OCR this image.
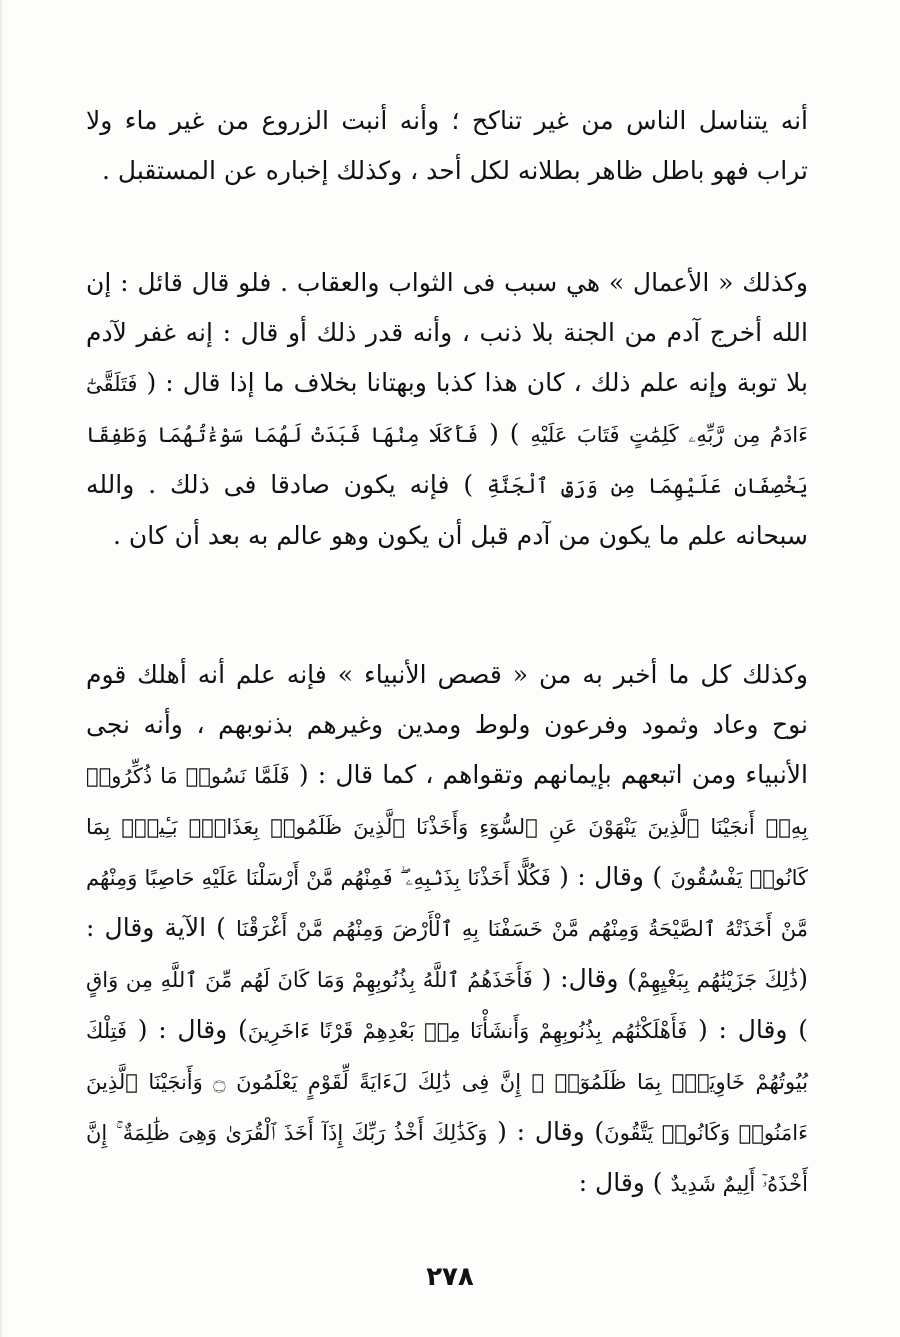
أنه يتناسل الناس من غير تناكح ؛ وأنه أنبت الزروع من غير ماء ولا تراب فهو باطل ظاهر بطلانه لكل أحد ، وكذلك إخباره عن المستقبل .

وكذلك « الأعمال » هي سبب فى الثواب والعقاب . فلو قال قائل : إن الله أخرج آدم من الجنة بلا ذنب ، وأنه قدر ذلك أو قال : إنه غفر لآدم بلا توبة وإنه علم ذلك ، كان هذا كذبا وبهتانا بخلاف ما إذا قال : ( فَتَلَقَّىٰٓ ءَادَمُ مِن رَّبِّهِۦ كَلِمَٰتٍ فَتَابَ عَلَيْهِ ) ( فَأَكَلَا مِنْهَا فَبَدَتْ لَهُمَا سَوْءَٰتُهُمَا وَطَفِقَا يَخْصِفَانِ عَلَيْهِمَا مِن وَرَقِ ٱلْجَنَّةِ ) فإنه يكون صادقا فى ذلك . والله سبحانه علم ما يكون من آدم قبل أن يكون وهو عالم به بعد أن كان .

وكذلك كل ما أخبر به من « قصص الأنبياء » فإنه علم أنه أهلك قوم نوح وعاد وثمود وفرعون ولوط ومدين وغيرهم بذنوبهم ، وأنه نجى الأنبياء ومن اتبعهم بإيمانهم وتقواهم ، كما قال : ( فَلَمَّا نَسُوا۟ مَا ذُكِّرُوا۟ بِهِۦٓ أَنجَيْنَا ٱلَّذِينَ يَنْهَوْنَ عَنِ ٱلسُّوٓءِ وَأَخَذْنَا ٱلَّذِينَ ظَلَمُوا۟ بِعَذَابٍۭ بَـِٔيسٍۭ بِمَا كَانُوا۟ يَفْسُقُونَ ) وقال : ( فَكُلًّا أَخَذْنَا بِذَنۢبِهِۦ ۖ فَمِنْهُم مَّنْ أَرْسَلْنَا عَلَيْهِ حَاصِبًا وَمِنْهُم مَّنْ أَخَذَتْهُ ٱلصَّيْحَةُ وَمِنْهُم مَّنْ خَسَفْنَا بِهِ ٱلْأَرْضَ وَمِنْهُم مَّنْ أَغْرَقْنَا ) الآية وقال : (ذَٰلِكَ جَزَيْنَٰهُم بِبَغْيِهِمْ) وقال: ( فَأَخَذَهُمُ ٱللَّهُ بِذُنُوبِهِمْ وَمَا كَانَ لَهُم مِّنَ ٱللَّهِ مِن وَاقٍ ) وقال : ( فَأَهْلَكْنَٰهُم بِذُنُوبِهِمْ وَأَنشَأْنَا مِنۢ بَعْدِهِمْ قَرْنًا ءَاخَرِينَ) وقال : ( فَتِلْكَ بُيُوتُهُمْ خَاوِيَةًۢ بِمَا ظَلَمُوٓا۟ ۗ إِنَّ فِى ذَٰلِكَ لَءَايَةً لِّقَوْمٍ يَعْلَمُونَ ۝ وَأَنجَيْنَا ٱلَّذِينَ ءَامَنُوا۟ وَكَانُوا۟ يَتَّقُونَ) وقال : ( وَكَذَٰلِكَ أَخْذُ رَبِّكَ إِذَآ أَخَذَ ٱلْقُرَىٰ وَهِىَ ظَٰلِمَةٌ ۚ إِنَّ أَخْذَهُۥٓ أَلِيمٌ شَدِيدٌ ) وقال :

٢٧٨
